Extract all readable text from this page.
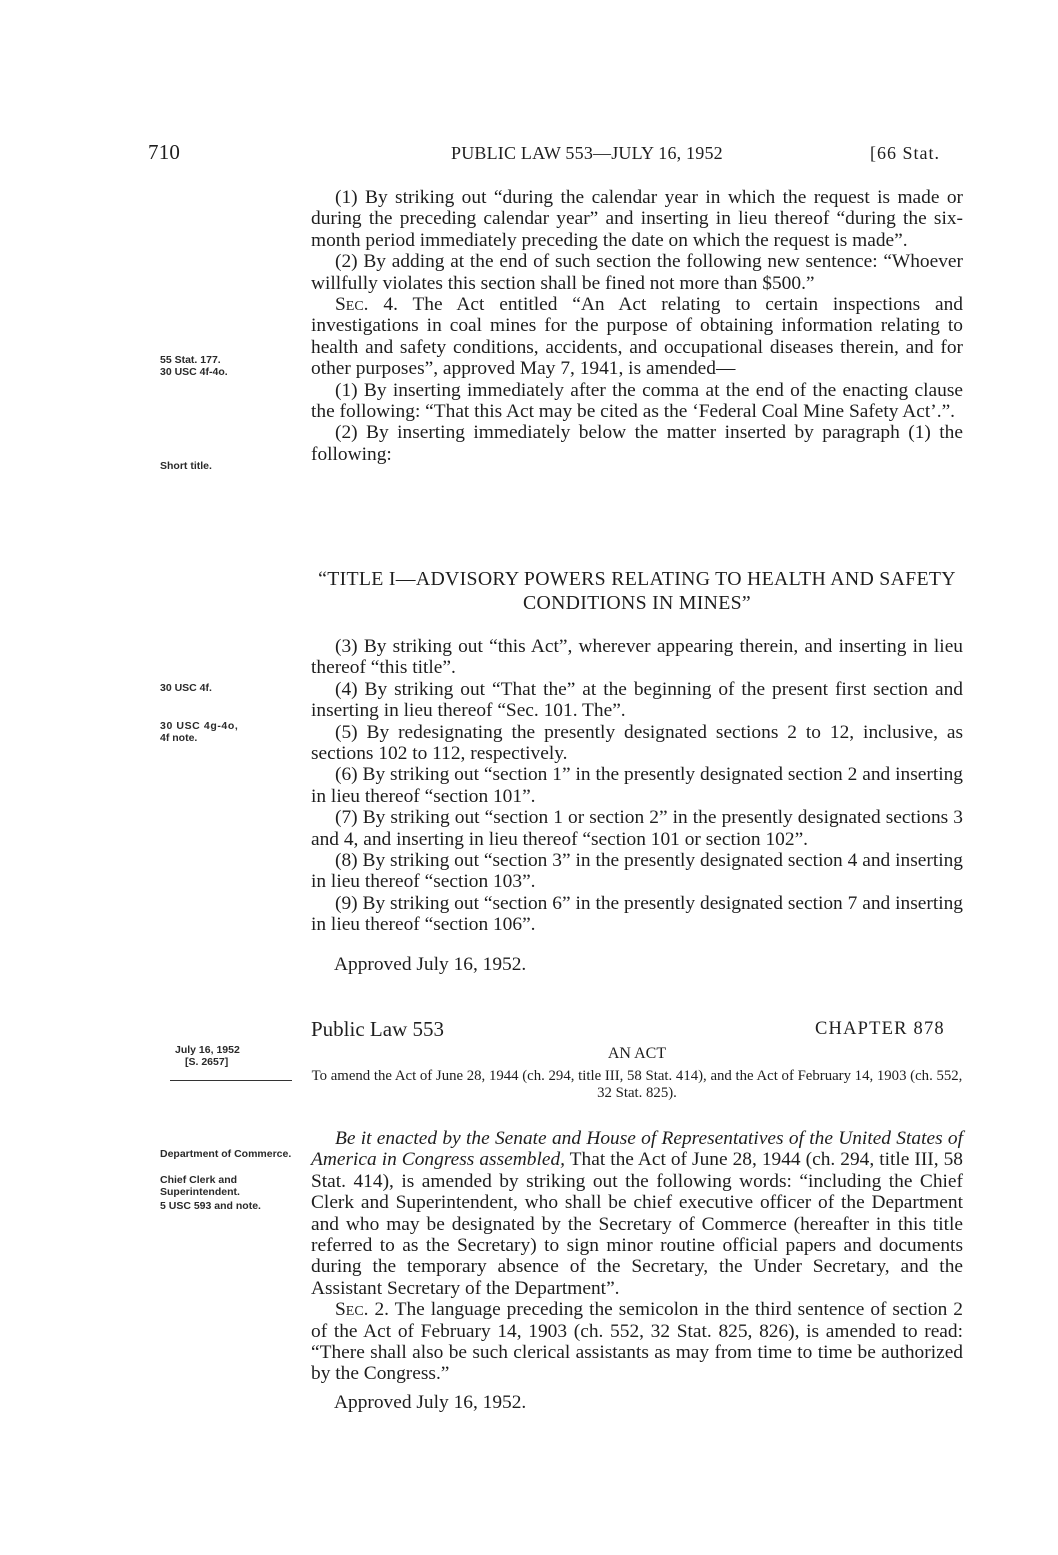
710	PUBLIC LAW 553—JULY 16, 1952	[66 Stat.
55 Stat. 177.
30 USC 4f-4o.
Short title.
30 USC 4f.
30 USC 4g-4o,
4f note.
July 16, 1952
[S. 2657]
Department of Commerce.
Chief Clerk and Superintendent.
5 USC 593 and note.

(1) By striking out “during the calendar year in which the request is made or during the preceding calendar year” and inserting in lieu thereof “during the six-month period immediately preceding the date on which the request is made”.

(2) By adding at the end of such section the following new sentence: “Whoever willfully violates this section shall be fined not more than $500.”

Sec. 4. The Act entitled “An Act relating to certain inspections and investigations in coal mines for the purpose of obtaining information relating to health and safety conditions, accidents, and occupational diseases therein, and for other purposes”, approved May 7, 1941, is amended—

(1) By inserting immediately after the comma at the end of the enacting clause the following: “That this Act may be cited as the ‘Federal Coal Mine Safety Act’.”.

(2) By inserting immediately below the matter inserted by paragraph (1) the following:

“TITLE I—ADVISORY POWERS RELATING TO HEALTH AND SAFETY CONDITIONS IN MINES”

(3) By striking out “this Act”, wherever appearing therein, and inserting in lieu thereof “this title”.

(4) By striking out “That the” at the beginning of the present first section and inserting in lieu thereof “Sec. 101. The”.

(5) By redesignating the presently designated sections 2 to 12, inclusive, as sections 102 to 112, respectively.

(6) By striking out “section 1” in the presently designated section 2 and inserting in lieu thereof “section 101”.

(7) By striking out “section 1 or section 2” in the presently designated sections 3 and 4, and inserting in lieu thereof “section 101 or section 102”.

(8) By striking out “section 3” in the presently designated section 4 and inserting in lieu thereof “section 103”.

(9) By striking out “section 6” in the presently designated section 7 and inserting in lieu thereof “section 106”.

Approved July 16, 1952.
Public Law 553	CHAPTER 878
AN ACT
To amend the Act of June 28, 1944 (ch. 294, title III, 58 Stat. 414), and the Act of February 14, 1903 (ch. 552, 32 Stat. 825).

Be it enacted by the Senate and House of Representatives of the United States of America in Congress assembled, That the Act of June 28, 1944 (ch. 294, title III, 58 Stat. 414), is amended by striking out the following words: “including the Chief Clerk and Superintendent, who shall be chief executive officer of the Department and who may be designated by the Secretary of Commerce (hereafter in this title referred to as the Secretary) to sign minor routine official papers and documents during the temporary absence of the Secretary, the Under Secretary, and the Assistant Secretary of the Department”.

Sec. 2. The language preceding the semicolon in the third sentence of section 2 of the Act of February 14, 1903 (ch. 552, 32 Stat. 825, 826), is amended to read: “There shall also be such clerical assistants as may from time to time be authorized by the Congress.”

Approved July 16, 1952.
